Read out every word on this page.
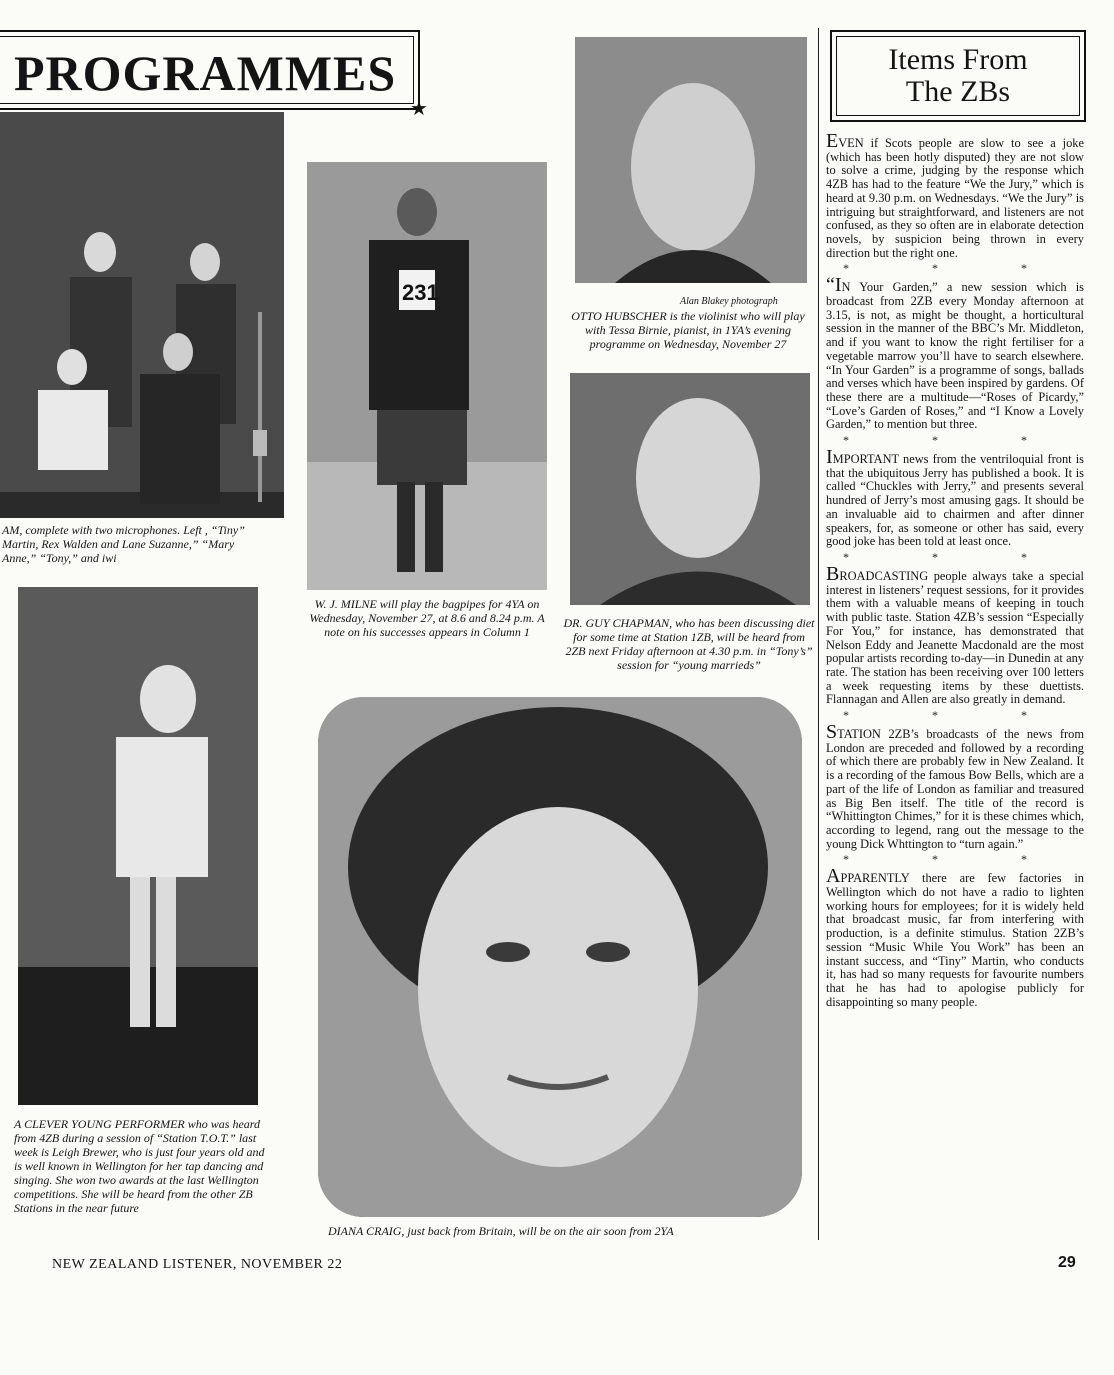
PROGRAMMES
★
AM, complete with two microphones. Left , “Tiny” Martin, Rex Walden and Lane Suzanne,” “Mary Anne,” “Tony,” and iwi
231
W. J. MILNE will play the bagpipes for 4YA on Wednesday, November 27, at 8.6 and 8.24 p.m. A note on his successes appears in Column 1
Alan Blakey photograph
OTTO HUBSCHER is the violinist who will play with Tessa Birnie, pianist, in 1YA’s evening programme on Wednesday, November 27
DR. GUY CHAPMAN, who has been discussing diet for some time at Station 1ZB, will be heard from 2ZB next Friday afternoon at 4.30 p.m. in “Tony’s” session for “young marrieds”
A CLEVER YOUNG PERFORMER who was heard from 4ZB during a session of “Station T.O.T.” last week is Leigh Brewer, who is just four years old and is well known in Wellington for her tap dancing and singing. She won two awards at the last Wellington competitions. She will be heard from the other ZB Stations in the near future
DIANA CRAIG, just back from Britain, will be on the air soon from 2YA
Items From
The ZBs

EVEN if Scots people are slow to see a joke (which has been hotly disputed) they are not slow to solve a crime, judging by the response which 4ZB has had to the feature “We the Jury,” which is heard at 9.30 p.m. on Wednesdays. “We the Jury” is intriguing but straightforward, and listeners are not confused, as they so often are in elaborate detection novels, by suspicion being thrown in every direction but the right one.

* * *

“IN Your Garden,” a new session which is broadcast from 2ZB every Monday afternoon at 3.15, is not, as might be thought, a horticultural session in the manner of the BBC’s Mr. Middleton, and if you want to know the right fertiliser for a vegetable marrow you’ll have to search elsewhere. “In Your Garden” is a programme of songs, ballads and verses which have been inspired by gardens. Of these there are a multitude—“Roses of Picardy,” “Love’s Garden of Roses,” and “I Know a Lovely Garden,” to mention but three.

* * *

IMPORTANT news from the ventriloquial front is that the ubiquitous Jerry has published a book. It is called “Chuckles with Jerry,” and presents several hundred of Jerry’s most amusing gags. It should be an invaluable aid to chairmen and after dinner speakers, for, as someone or other has said, every good joke has been told at least once.

* * *

BROADCASTING people always take a special interest in listeners’ request sessions, for it provides them with a valuable means of keeping in touch with public taste. Station 4ZB’s session “Especially For You,” for instance, has demonstrated that Nelson Eddy and Jeanette Macdonald are the most popular artists recording to-day—in Dunedin at any rate. The station has been receiving over 100 letters a week requesting items by these duettists. Flannagan and Allen are also greatly in demand.

* * *

STATION 2ZB’s broadcasts of the news from London are preceded and followed by a recording of which there are probably few in New Zealand. It is a recording of the famous Bow Bells, which are a part of the life of London as familiar and treasured as Big Ben itself. The title of the record is “Whittington Chimes,” for it is these chimes which, according to legend, rang out the message to the young Dick Whttington to “turn again.”

* * *

APPARENTLY there are few factories in Wellington which do not have a radio to lighten working hours for employees; for it is widely held that broadcast music, far from interfering with production, is a definite stimulus. Station 2ZB’s session “Music While You Work” has been an instant success, and “Tiny” Martin, who conducts it, has had so many requests for favourite numbers that he has had to apologise publicly for disappointing so many people.

NEW ZEALAND LISTENER, NOVEMBER 22	29
